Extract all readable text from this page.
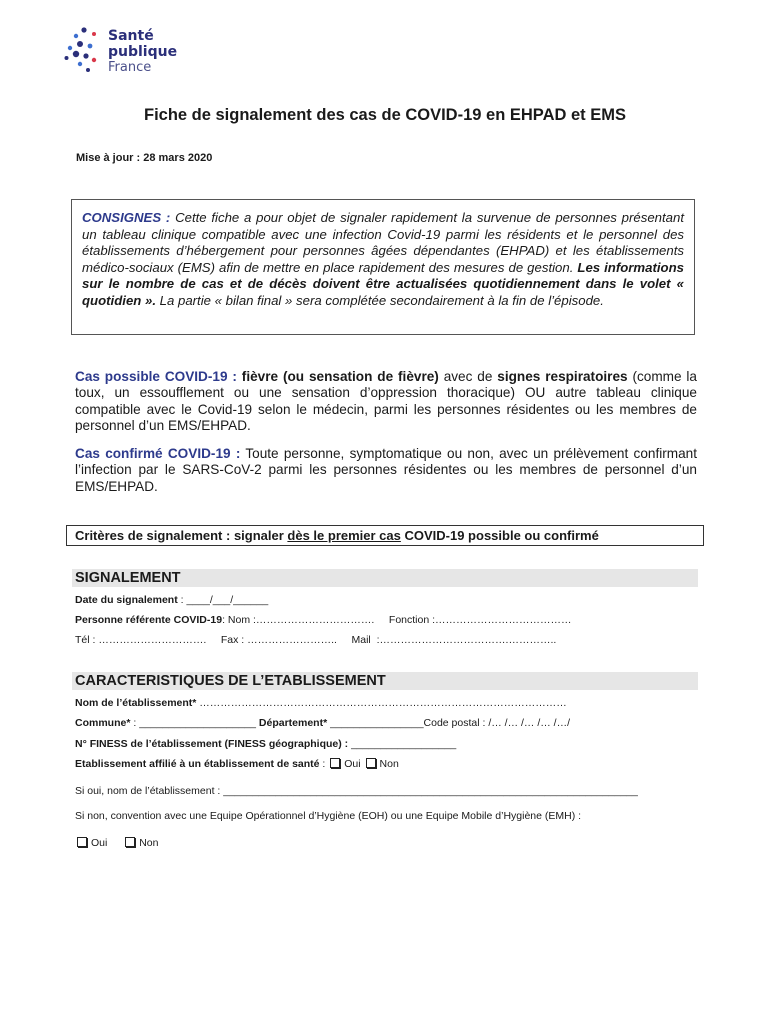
Santé
publique
France
Fiche de signalement des cas de COVID-19 en EHPAD et EMS
Mise à jour : 28 mars 2020
CONSIGNES : Cette fiche a pour objet de signaler rapidement la survenue de personnes présentant un tableau clinique compatible avec une infection Covid-19 parmi les résidents et le personnel des établissements d’hébergement pour personnes âgées dépendantes (EHPAD) et les établissements médico-sociaux (EMS) afin de mettre en place rapidement des mesures de gestion. Les informations sur le nombre de cas et de décès doivent être actualisées quotidiennement dans le volet « quotidien ». La partie « bilan final » sera complétée secondairement à la fin de l’épisode.
Cas possible COVID-19 : fièvre (ou sensation de fièvre) avec de signes respiratoires (comme la toux, un essoufflement ou une sensation d’oppression thoracique) OU autre tableau clinique compatible avec le Covid-19 selon le médecin, parmi les personnes résidentes ou les membres de personnel d’un EMS/EHPAD.
Cas confirmé COVID-19 : Toute personne, symptomatique ou non, avec un prélèvement confirmant l’infection par le SARS-CoV-2 parmi les personnes résidentes ou les membres de personnel d’un EMS/EHPAD.
Critères de signalement : signaler dès le premier cas COVID-19 possible ou confirmé
SIGNALEMENT
Date du signalement : ____/___/______
Personne référente COVID-19: Nom :…………………………….     Fonction :…………………………………
Tél : ………………………….     Fax : ……………………..     Mail  :……………………………….…………..
CARACTERISTIQUES DE L’ETABLISSEMENT
Nom de l’établissement* ……………………………………………………………………………………………
Commune* : ____________________ Département* ________________Code postal : /… /… /… /… /…/
N° FINESS de l’établissement (FINESS géographique) : __________________
Etablissement affilié à un établissement de santé : Oui Non
Si oui, nom de l’établissement : _______________________________________________________________________
Si non, convention avec une Equipe Opérationnel d’Hygiène (EOH) ou une Equipe Mobile d’Hygiène (EMH) :
Oui	Non
